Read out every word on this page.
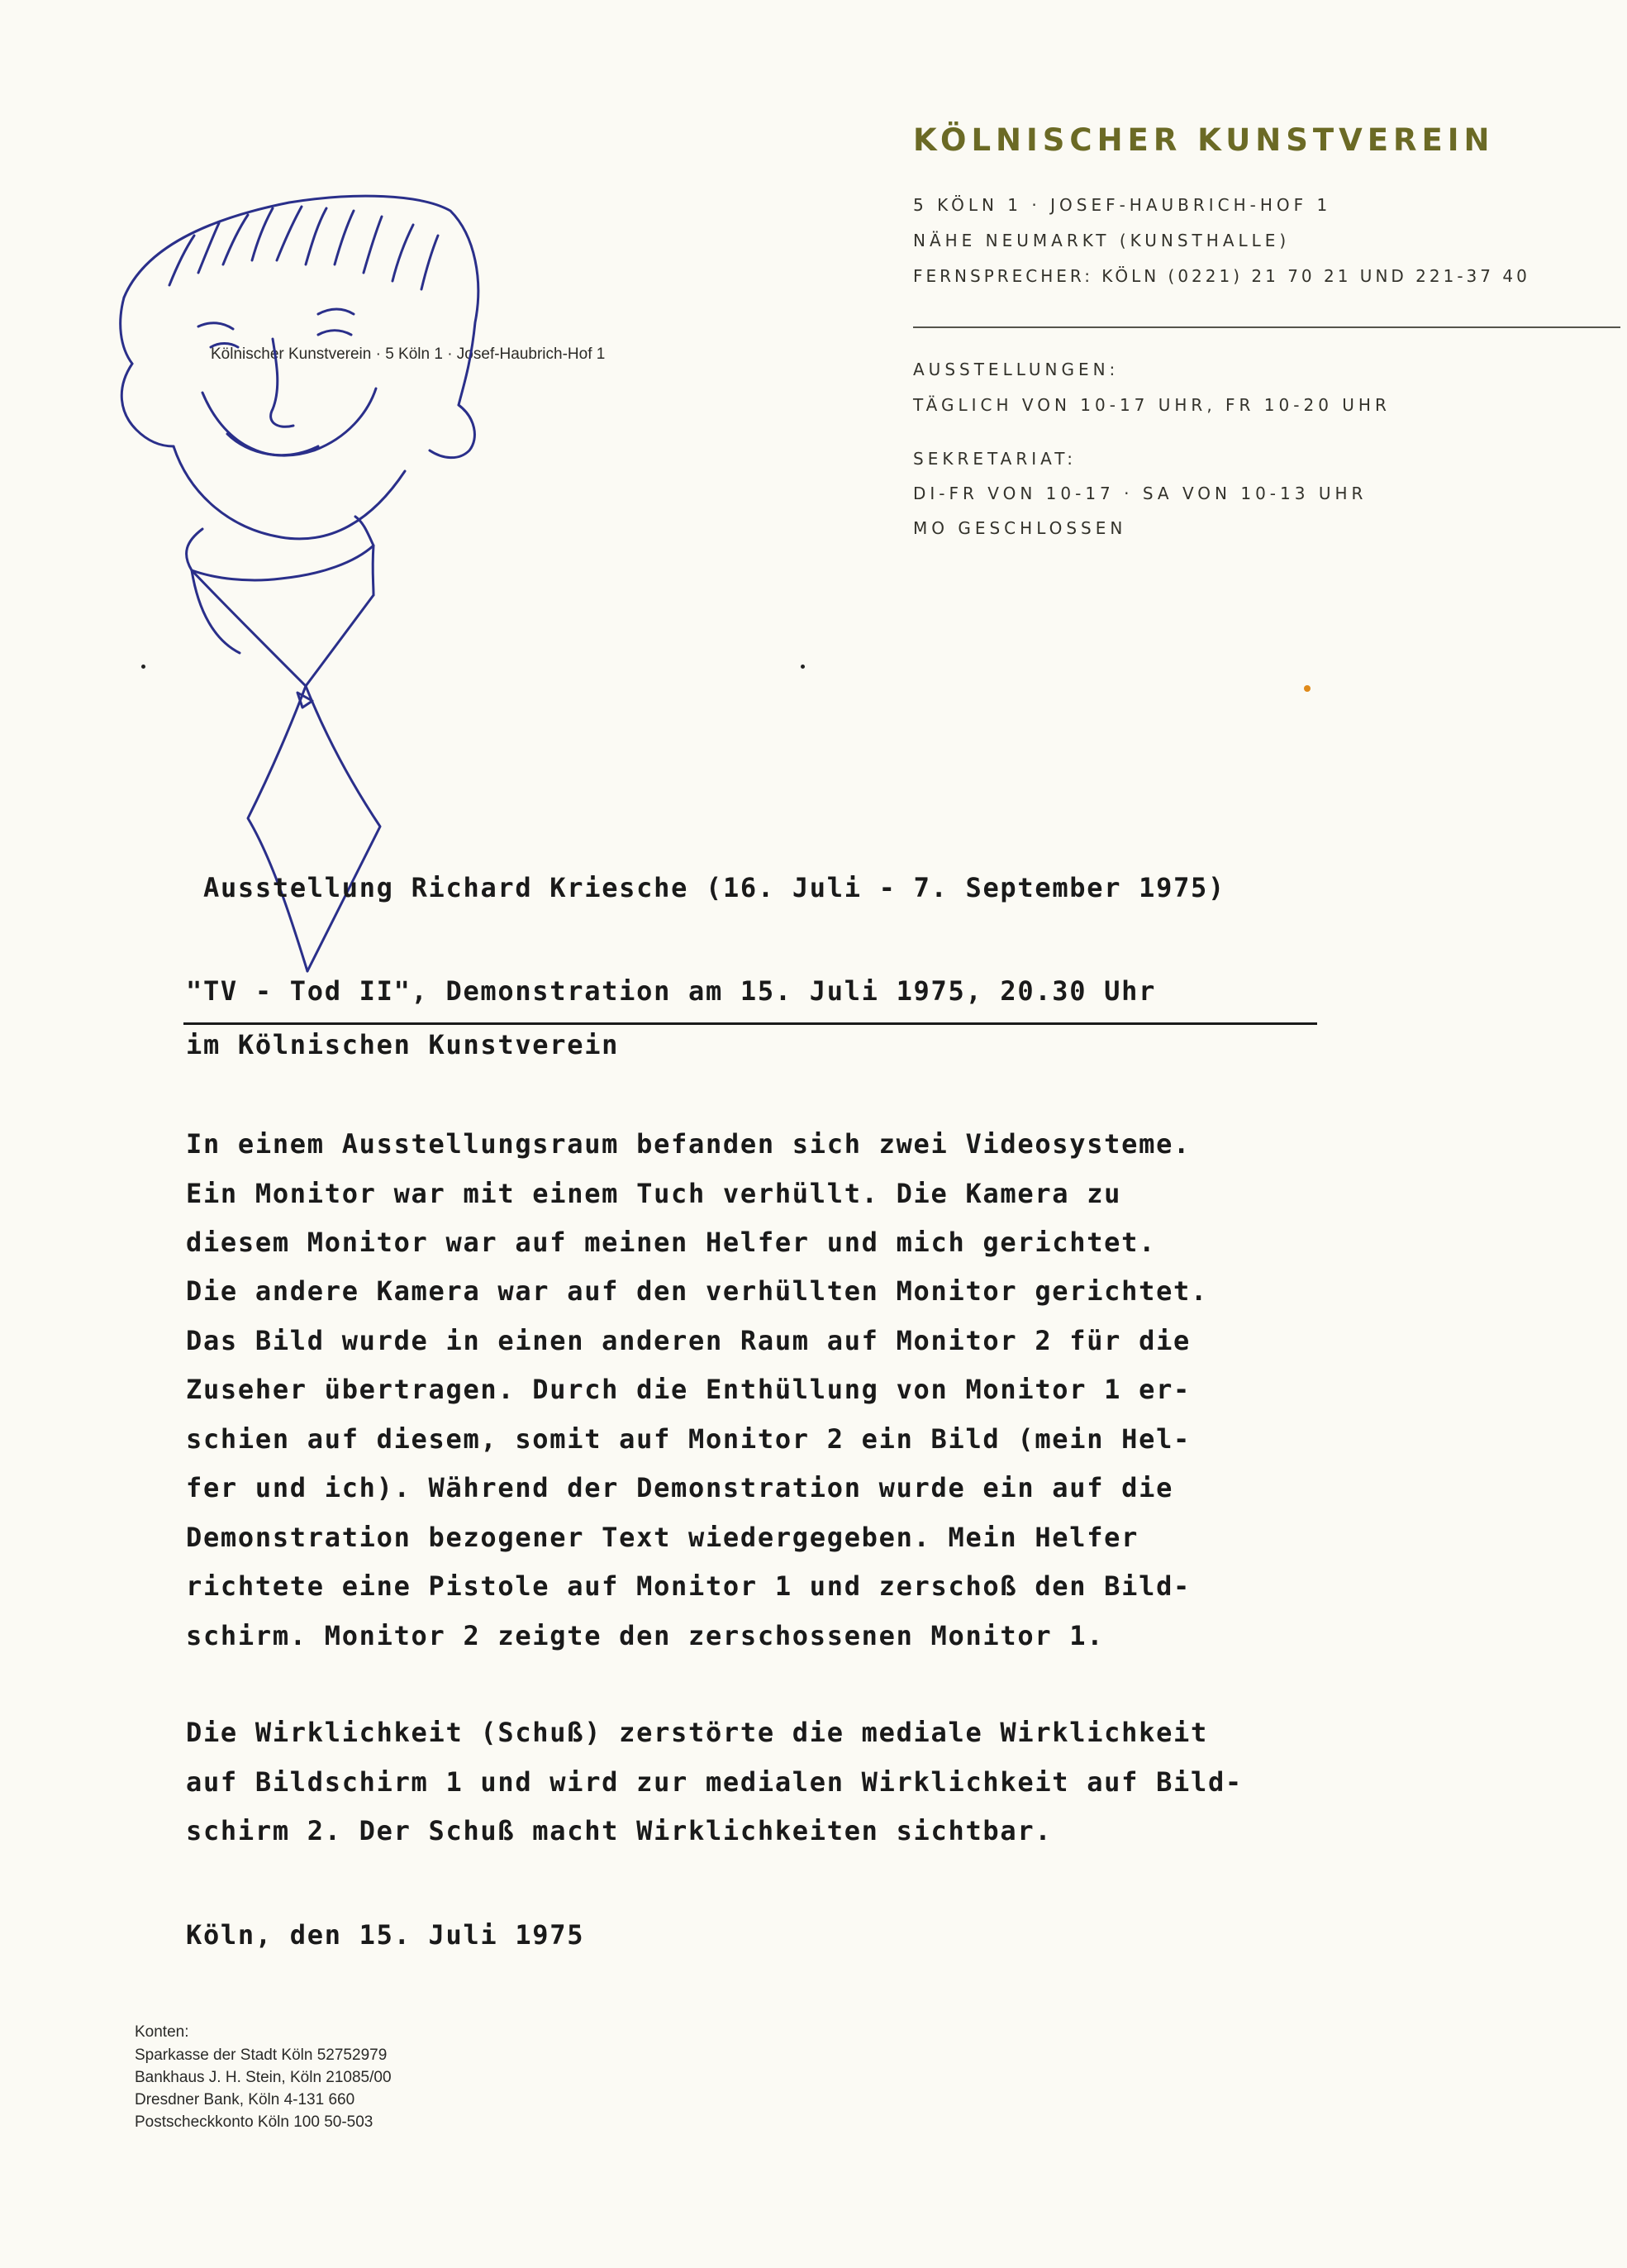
KÖLNISCHER KUNSTVEREIN
5 KÖLN 1 · JOSEF-HAUBRICH-HOF 1
NÄHE NEUMARKT (KUNSTHALLE)
FERNSPRECHER: KÖLN (0221) 21 70 21 UND 221-37 40
AUSSTELLUNGEN:
TÄGLICH VON 10-17 UHR, FR 10-20 UHR
SEKRETARIAT:
DI-FR VON 10-17 · SA VON 10-13 UHR
MO GESCHLOSSEN
Kölnischer Kunstverein · 5 Köln 1 · Josef-Haubrich-Hof 1
Ausstellung Richard Kriesche (16. Juli - 7. September 1975)
"TV - Tod II", Demonstration am 15. Juli 1975, 20.30 Uhr
im Kölnischen Kunstverein
In einem Ausstellungsraum befanden sich zwei Videosysteme.
Ein Monitor war mit einem Tuch verhüllt. Die Kamera zu
diesem Monitor war auf meinen Helfer und mich gerichtet.
Die andere Kamera war auf den verhüllten Monitor gerichtet.
Das Bild wurde in einen anderen Raum auf Monitor 2 für die
Zuseher übertragen. Durch die Enthüllung von Monitor 1 er-
schien auf diesem, somit auf Monitor 2 ein Bild (mein Hel-
fer und ich). Während der Demonstration wurde ein auf die
Demonstration bezogener Text wiedergegeben. Mein Helfer
richtete eine Pistole auf Monitor 1 und zerschoß den Bild-
schirm. Monitor 2 zeigte den zerschossenen Monitor 1.
Die Wirklichkeit (Schuß) zerstörte die mediale Wirklichkeit
auf Bildschirm 1 und wird zur medialen Wirklichkeit auf Bild-
schirm 2. Der Schuß macht Wirklichkeiten sichtbar.
Köln, den 15. Juli 1975
Konten:
Sparkasse der Stadt Köln 52752979
Bankhaus J. H. Stein, Köln 21085/00
Dresdner Bank, Köln 4-131 660
Postscheckkonto Köln 100 50-503
